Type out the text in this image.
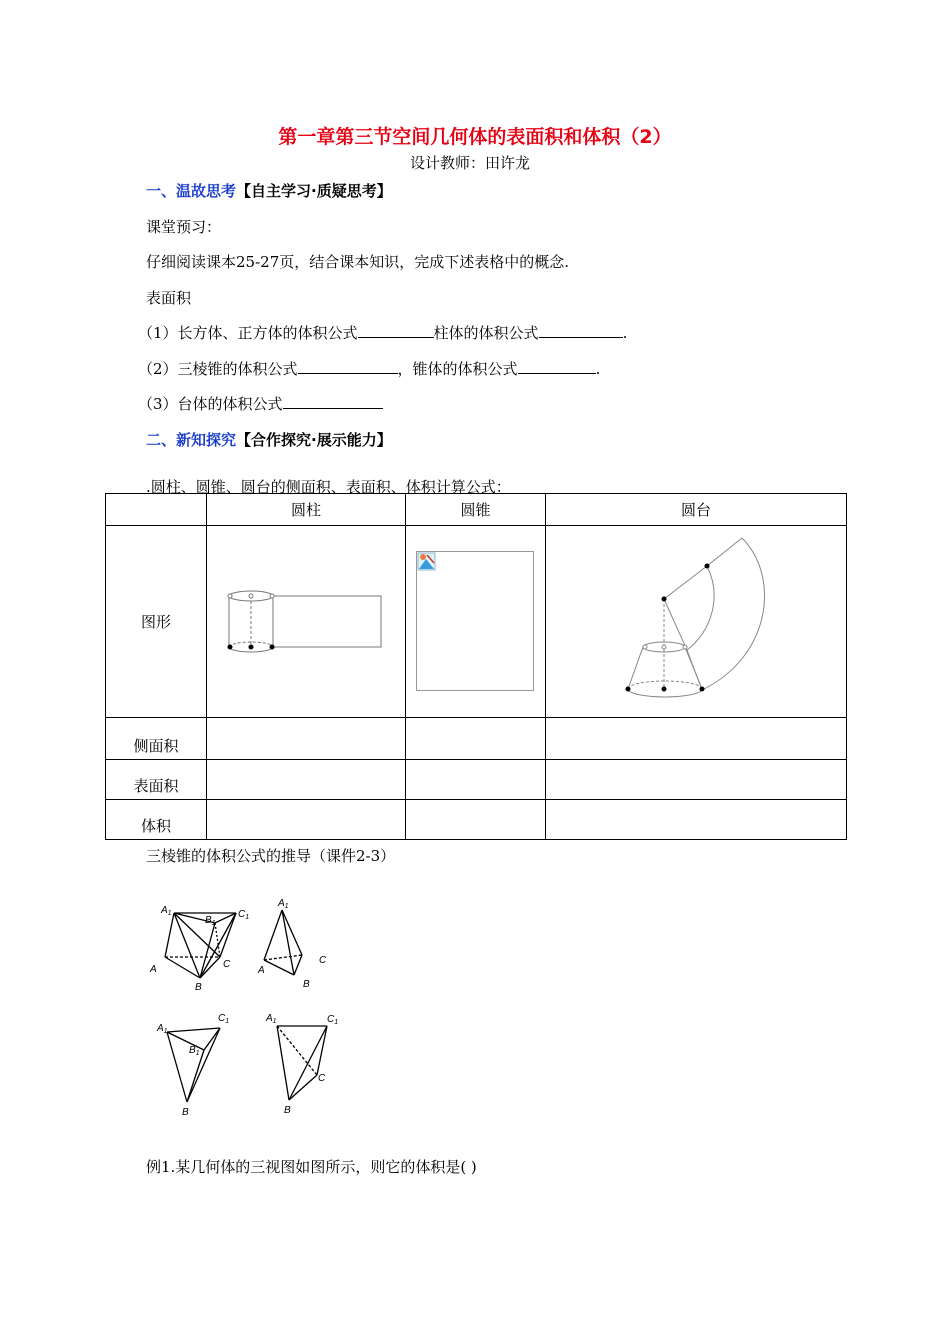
第一章第三节空间几何体的表面积和体积（2）
设计教师：田许龙
一、温故思考【自主学习·质疑思考】
课堂预习：
仔细阅读课本25-27页，结合课本知识，完成下述表格中的概念.
表面积
（1）长方体、正方体的体积公式	柱体的体积公式	.
（2）三棱锥的体积公式	，锥体的体积公式	.
（3）台体的体积公式
二、新知探究【合作探究·展示能力】
.圆柱、圆锥、圆台的侧面积、表面积、体积计算公式：
	圆柱	圆锥	圆台
图形			
侧面积			
表面积			
体积			
三棱锥的体积公式的推导（课件2-3）
$A_1$
$B_1$
$C_1$
A
B
C
$A_1$
A
B
C
$A_1$
$C_1$
$B_1$
B
$A_1$	$C_1$
C
B
例1.某几何体的三视图如图所示，则它的体积是( )
